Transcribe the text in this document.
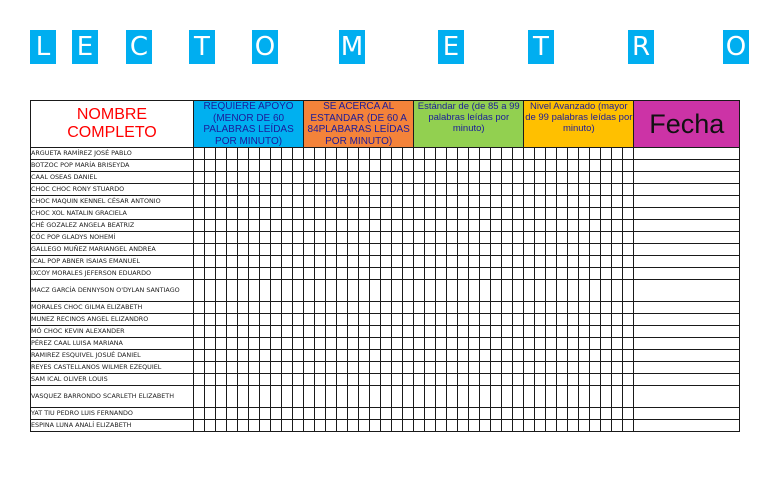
L E C T O	M	E	T	R	O
NOMBRE COMPLETO	REQUIERE APOYO (MENOR DE 60 PALABRAS LEÍDAS POR MINUTO)										SE ACERCA AL ESTANDAR (DE 60 A 84PLABARAS LEÍDAS POR MINUTO)										Estándar de (de 85 a 99 palabras leídas por minuto)										Nivel Avanzado (mayor de 99 palabras leídas por minuto)										Fecha
ARGUETA RAMÍREZ JOSÉ PABLO																																									
BOTZOC POP MARÍA BRISEYDA																																									
CAAL OSEAS DANIEL																																									
CHOC CHOC RONY STUARDO																																									
CHOC MAQUIN KENNEL CÉSAR ANTONIO																																									
CHOC XOL NATALIN GRACIELA																																									
CHÉ GOZALEZ ANGELA BEATRIZ																																									
CÓC POP GLADYS NOHEMÍ																																									
GALLEGO MUÑEZ MARIANGEL ANDREA																																									
ICAL POP ABNER ISAIAS EMANUEL																																									
IXCOY MORALES JEFERSON EDUARDO																																									
MACZ GARCÍA DENNYSON O'DYLAN SANTIAGO																																									
MORALES CHOC GILMA ELIZABETH																																									
MUNEZ RECINOS ANGEL ELIZANDRO																																									
MÓ CHOC KEVIN ALEXANDER																																									
PÉREZ CAAL LUISA MARIANA																																									
RAMIREZ ESQUIVEL JOSUÉ DANIEL																																									
REYES CASTELLANOS WILMER EZEQUIEL																																									
SAM ICAL OLIVER LOUIS																																									
VASQUEZ BARRONDO SCARLETH ELIZABETH																																									
YAT TIU PEDRO LUIS FERNANDO																																									
ESPINA LUNA ANALÍ ELIZABETH																																									
